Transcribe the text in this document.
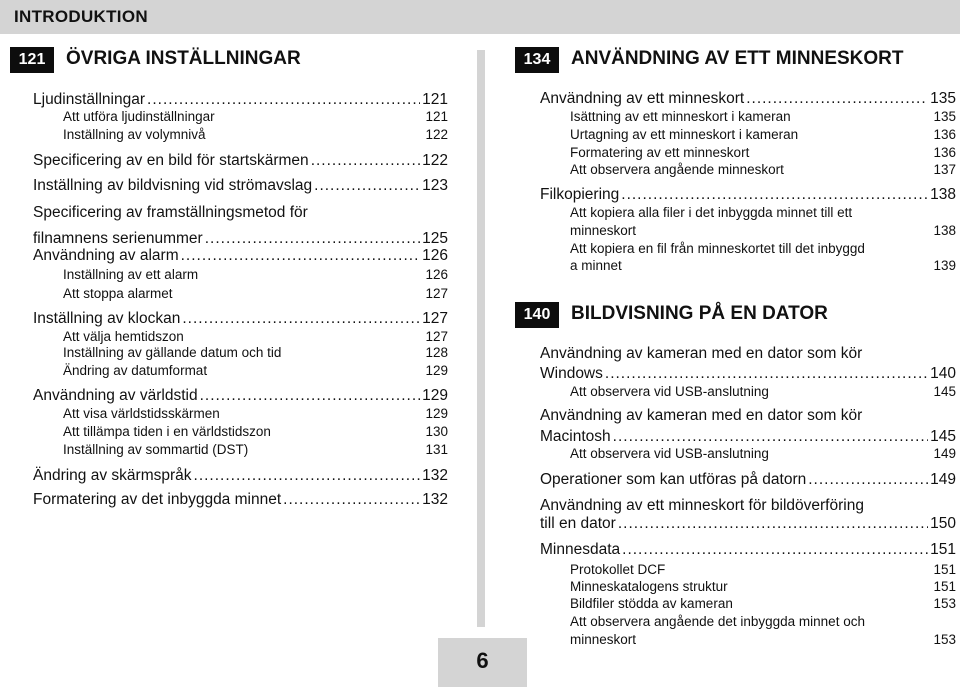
INTRODUKTION
121	ÖVRIGA INSTÄLLNINGAR
Ljudinställningar .....	121
Att utföra ljudinställningar	121
Inställning av volymnivå	122
Specificering av en bild för startskärmen .....	122
Inställning av bildvisning vid strömavslag .....	123
Specificering av framställningsmetod för
filnamnens serienummer .....	125
Användning av alarm .....	126
Inställning av ett alarm	126
Att stoppa alarmet	127
Inställning av klockan .....	127
Att välja hemtidszon	127
Inställning av gällande datum och tid	128
Ändring av datumformat	129
Användning av världstid .....	129
Att visa världstidsskärmen	129
Att tillämpa tiden i en världstidszon	130
Inställning av sommartid (DST)	131
Ändring av skärmspråk .....	132
Formatering av det inbyggda minnet .....	132
134	ANVÄNDNING AV ETT MINNESKORT
Användning av ett minneskort .....	135
Isättning av ett minneskort i kameran	135
Urtagning av ett minneskort i kameran	136
Formatering av ett minneskort	136
Att observera angående minneskort	137
Filkopiering .....	138
Att kopiera alla filer i det inbyggda minnet till ett
minneskort	138
Att kopiera en fil från minneskortet till det inbyggd
a minnet	139
140	BILDVISNING PÅ EN DATOR
Användning av kameran med en dator som kör
Windows .....	140
Att observera vid USB-anslutning	145
Användning av kameran med en dator som kör
Macintosh .....	145
Att observera vid USB-anslutning	149
Operationer som kan utföras på datorn .....	149
Användning av ett minneskort för bildöverföring
till en dator .....	150
Minnesdata .....	151
Protokollet DCF	151
Minneskatalogens struktur	151
Bildfiler stödda av kameran	153
Att observera angående det inbyggda minnet och
minneskort	153
6
